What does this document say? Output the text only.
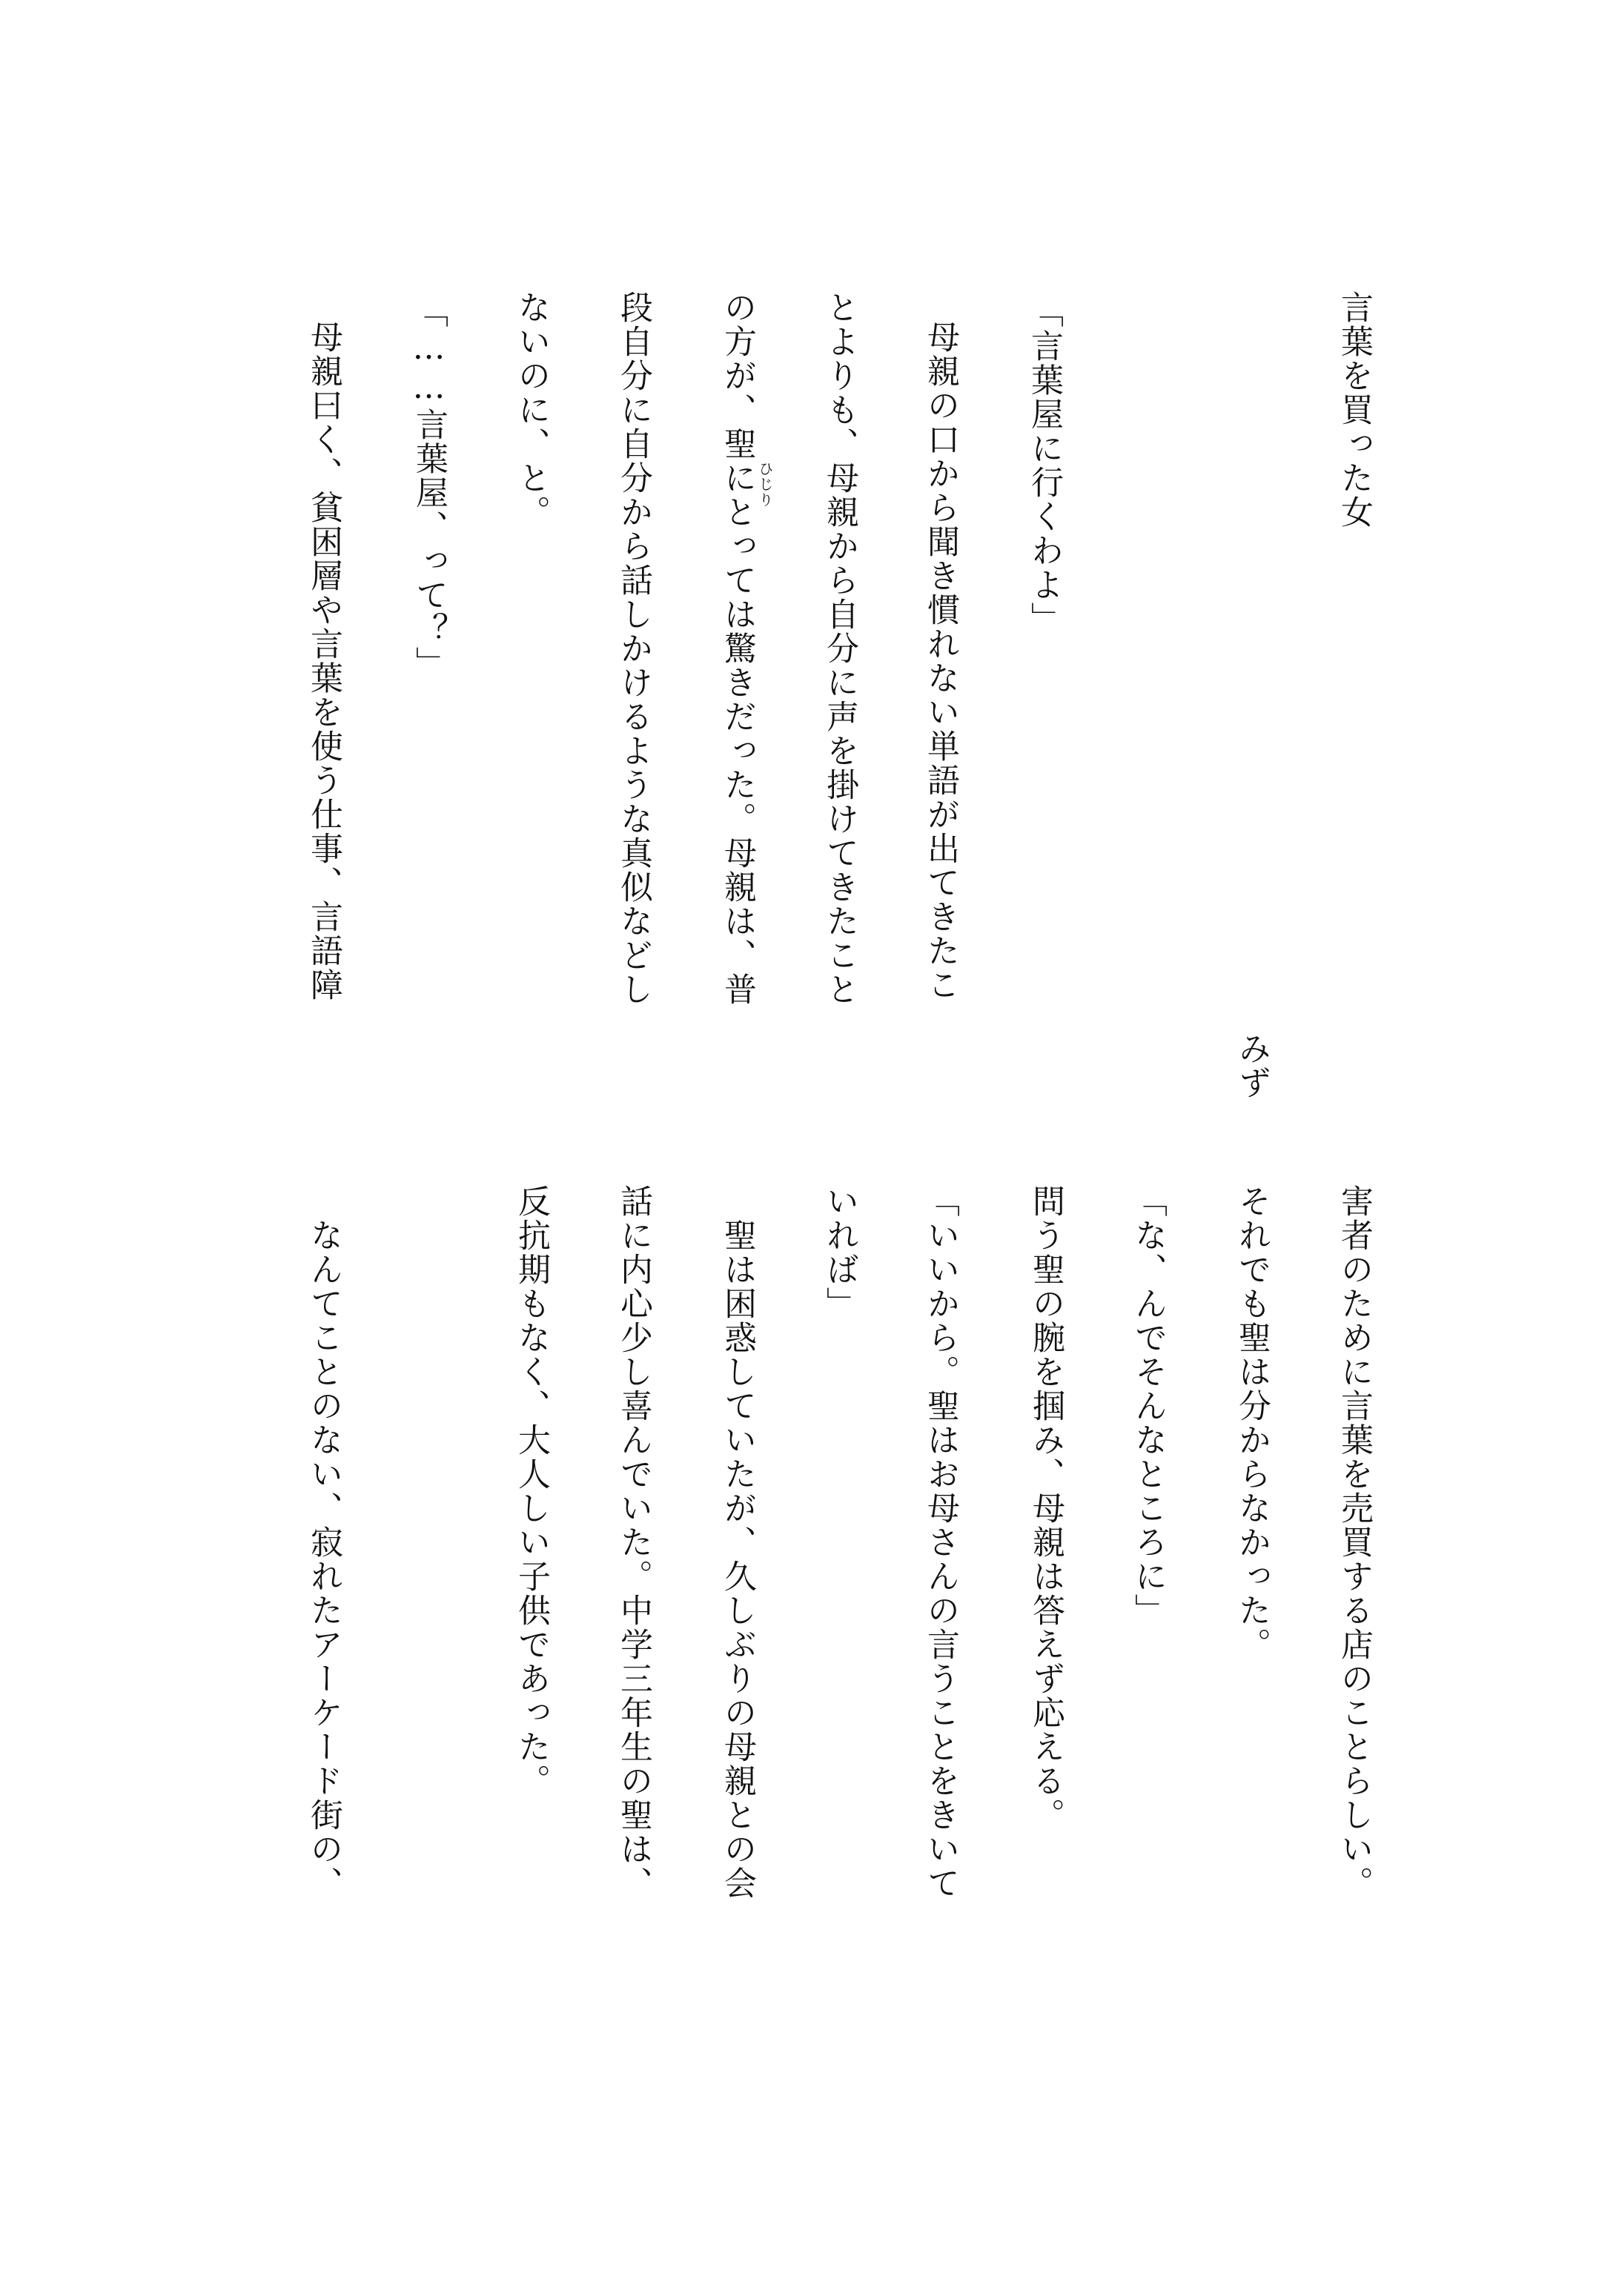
言葉を買った女
みず
「言葉屋に行くわよ」
母親の口から聞き慣れない単語が出てきたこ
とよりも、母親から自分に声を掛けてきたこと
の方が、聖にとっては驚きだった。母親は、普 ひじり
段自分に自分から話しかけるような真似などし
ないのに、と。
「……言葉屋、って？」
母親曰く、貧困層や言葉を使う仕事、言語障
害者のために言葉を売買する店のことらしい。
それでも聖は分からなかった。
「な、んでそんなところに」
問う聖の腕を掴み、母親は答えず応える。
「いいから。聖はお母さんの言うことをきいて
いれば」
聖は困惑していたが、久しぶりの母親との会
話に内心少し喜んでいた。中学三年生の聖は、
反抗期もなく、大人しい子供であった。
なんてことのない、寂れたアーケード街の、
